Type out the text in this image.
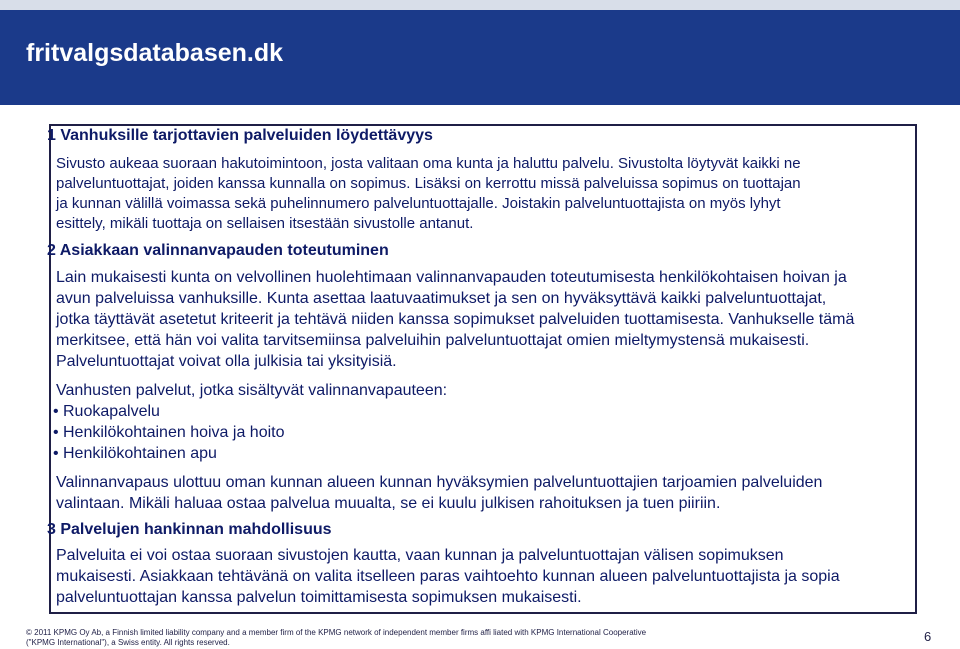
fritvalgsdatabasen.dk

1 Vanhuksille tarjottavien palveluiden löydettävyys

Sivusto aukeaa suoraan hakutoimintoon, josta valitaan oma kunta ja haluttu palvelu. Sivustolta löytyvät kaikki ne

palveluntuottajat, joiden kanssa kunnalla on sopimus. Lisäksi on kerrottu missä palveluissa sopimus on tuottajan

ja kunnan välillä voimassa sekä puhelinnumero palveluntuottajalle. Joistakin palveluntuottajista on myös lyhyt

esittely, mikäli tuottaja on sellaisen itsestään sivustolle antanut.

2 Asiakkaan valinnanvapauden toteutuminen

Lain mukaisesti kunta on velvollinen huolehtimaan valinnanvapauden toteutumisesta henkilökohtaisen hoivan ja

avun palveluissa vanhuksille. Kunta asettaa laatuvaatimukset ja sen on hyväksyttävä kaikki palveluntuottajat,

jotka täyttävät asetetut kriteerit ja tehtävä niiden kanssa sopimukset palveluiden tuottamisesta. Vanhukselle tämä

merkitsee, että hän voi valita tarvitsemiinsa palveluihin palveluntuottajat omien mieltymystensä mukaisesti.

Palveluntuottajat voivat olla julkisia tai yksityisiä.

Vanhusten palvelut, jotka sisältyvät valinnanvapauteen:

• Ruokapalvelu
• Henkilökohtainen hoiva ja hoito
• Henkilökohtainen apu

Valinnanvapaus ulottuu oman kunnan alueen kunnan hyväksymien palveluntuottajien tarjoamien palveluiden

valintaan. Mikäli haluaa ostaa palvelua muualta, se ei kuulu julkisen rahoituksen ja tuen piiriin.

3 Palvelujen hankinnan mahdollisuus

Palveluita ei voi ostaa suoraan sivustojen kautta, vaan kunnan ja palveluntuottajan välisen sopimuksen

mukaisesti. Asiakkaan tehtävänä on valita itselleen paras vaihtoehto kunnan alueen palveluntuottajista ja sopia

palveluntuottajan kanssa palvelun toimittamisesta sopimuksen mukaisesti.

© 2011 KPMG Oy Ab, a Finnish limited liability company and a member firm of the KPMG network of independent member firms affi liated with KPMG International Cooperative
("KPMG International"), a Swiss entity. All rights reserved.	6
